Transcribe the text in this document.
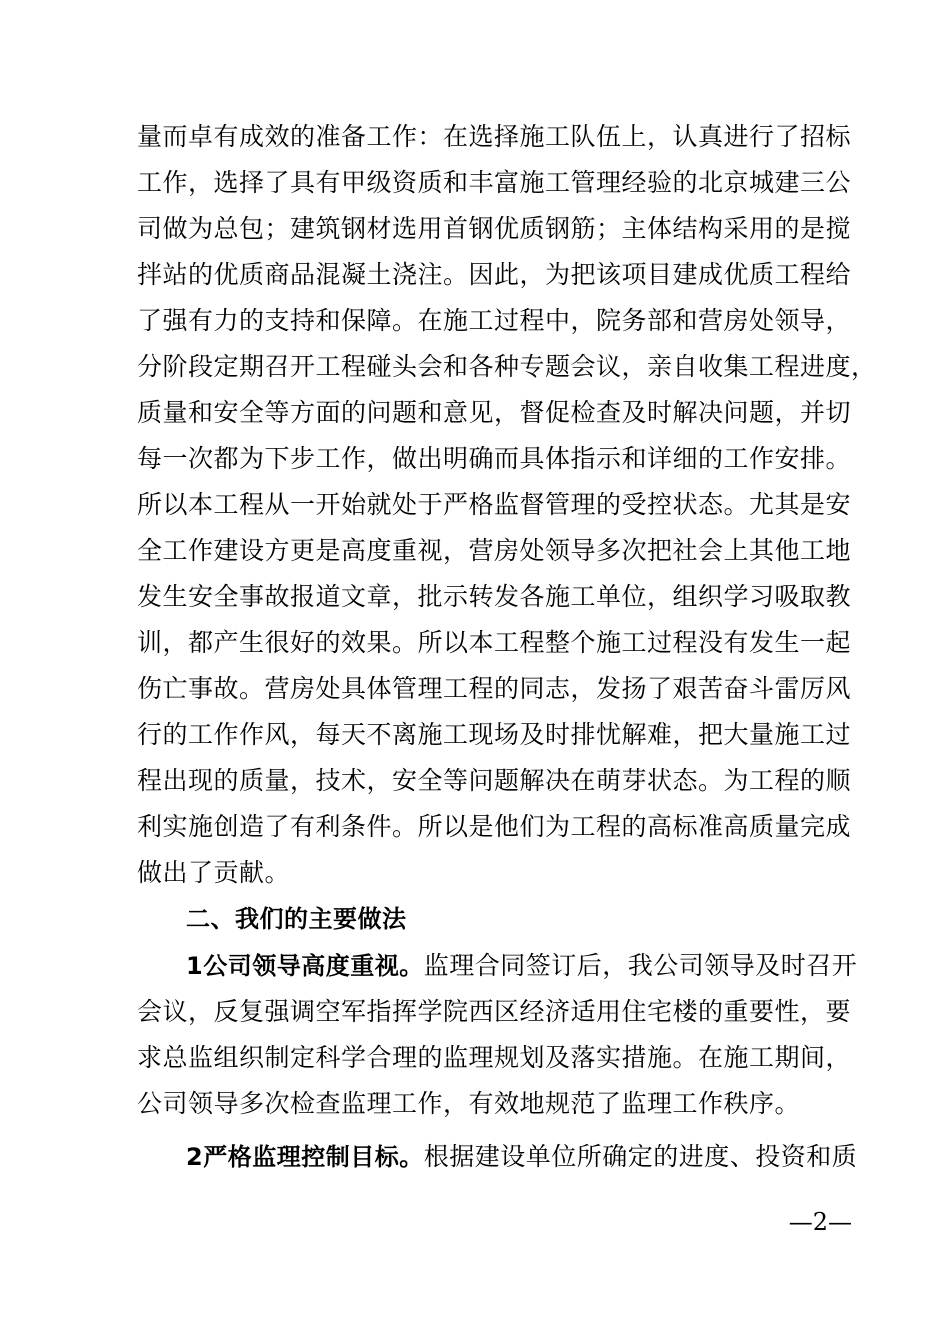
量而卓有成效的准备工作：在选择施工队伍上，认真进行了招标
工作，选择了具有甲级资质和丰富施工管理经验的北京城建三公
司做为总包；建筑钢材选用首钢优质钢筋；主体结构采用的是搅
拌站的优质商品混凝土浇注。因此，为把该项目建成优质工程给
了强有力的支持和保障。在施工过程中，院务部和营房处领导，
分阶段定期召开工程碰头会和各种专题会议，亲自收集工程进度，
质量和安全等方面的问题和意见，督促检查及时解决问题，并切
每一次都为下步工作，做出明确而具体指示和详细的工作安排。
所以本工程从一开始就处于严格监督管理的受控状态。尤其是安
全工作建设方更是高度重视，营房处领导多次把社会上其他工地
发生安全事故报道文章，批示转发各施工单位，组织学习吸取教
训，都产生很好的效果。所以本工程整个施工过程没有发生一起
伤亡事故。营房处具体管理工程的同志，发扬了艰苦奋斗雷厉风
行的工作作风，每天不离施工现场及时排忧解难，把大量施工过
程出现的质量，技术，安全等问题解决在萌芽状态。为工程的顺
利实施创造了有利条件。所以是他们为工程的高标准高质量完成
做出了贡献。
二、我们的主要做法
1公司领导高度重视。监理合同签订后，我公司领导及时召开
会议，反复强调空军指挥学院西区经济适用住宅楼的重要性，要
求总监组织制定科学合理的监理规划及落实措施。在施工期间，
公司领导多次检查监理工作，有效地规范了监理工作秩序。
2严格监理控制目标。根据建设单位所确定的进度、投资和质
—2—
